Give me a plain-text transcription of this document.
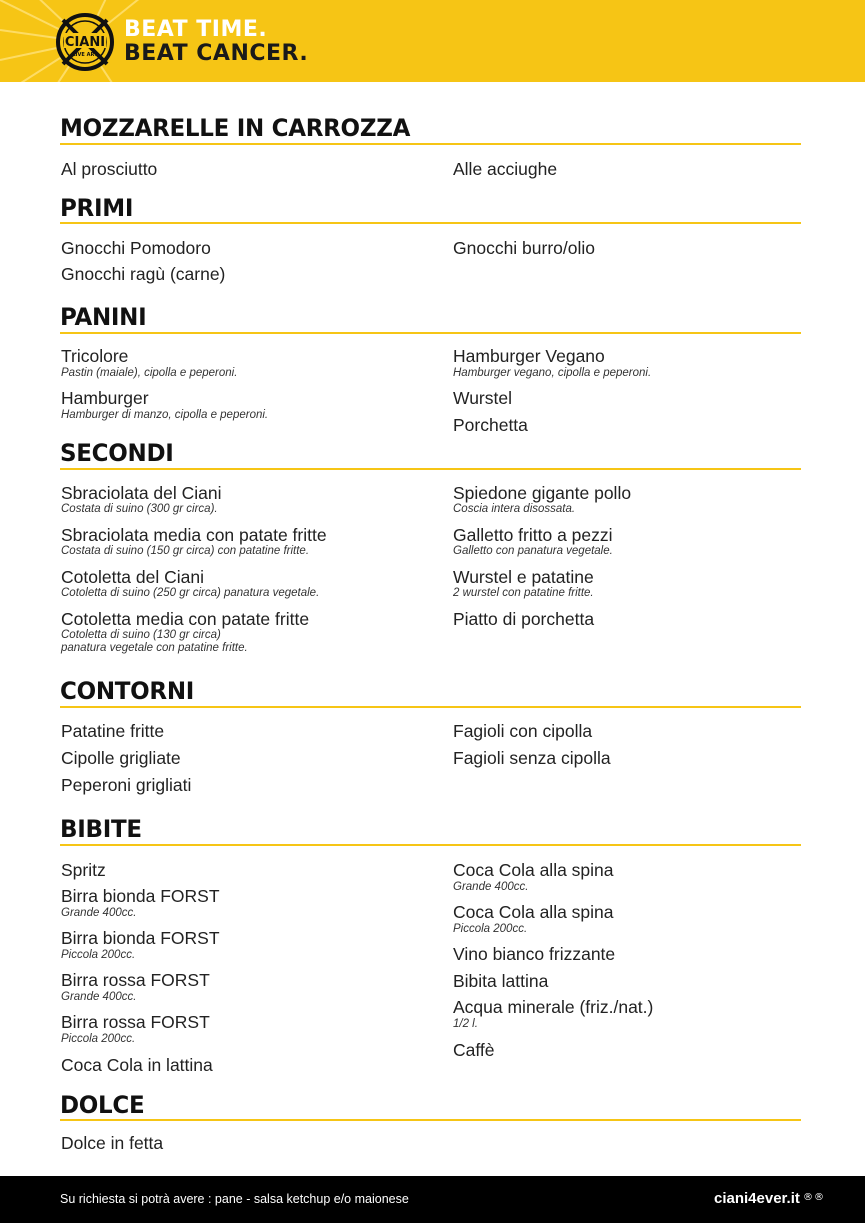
CIANI
LIVE ART
BEAT TIME.
BEAT CANCER.
MOZZARELLE IN CARROZZA
Al prosciutto	Alle acciughe
PRIMI
Gnocchi Pomodoro
Gnocchi ragù (carne)
Gnocchi burro/olio
PANINI
Tricolore
Pastin (maiale), cipolla e peperoni.
Hamburger
Hamburger di manzo, cipolla e peperoni.
Hamburger Vegano
Hamburger vegano, cipolla e peperoni.
Wurstel
Porchetta
SECONDI
Sbraciolata del Ciani
Costata di suino (300 gr circa).
Sbraciolata media con patate fritte
Costata di suino (150 gr circa) con patatine fritte.
Cotoletta del Ciani
Cotoletta di suino (250 gr circa) panatura vegetale.
Cotoletta media con patate fritte
Cotoletta di suino (130 gr circa)
panatura vegetale con patatine fritte.
Spiedone gigante pollo
Coscia intera disossata.
Galletto fritto a pezzi
Galletto con panatura vegetale.
Wurstel e patatine
2 wurstel con patatine fritte.
Piatto di porchetta
CONTORNI
Patatine fritte
Cipolle grigliate
Peperoni grigliati
Fagioli con cipolla
Fagioli senza cipolla
BIBITE
Spritz
Birra bionda FORST
Grande 400cc.
Birra bionda FORST
Piccola 200cc.
Birra rossa FORST
Grande 400cc.
Birra rossa FORST
Piccola 200cc.
Coca Cola in lattina
Coca Cola alla spina
Grande 400cc.
Coca Cola alla spina
Piccola 200cc.
Vino bianco frizzante
Bibita lattina
Acqua minerale (friz./nat.)
1/2 l.
Caffè
DOLCE
Dolce in fetta
Su richiesta si potrà avere : pane - salsa ketchup e/o maionese	ciani4ever.it ®®
